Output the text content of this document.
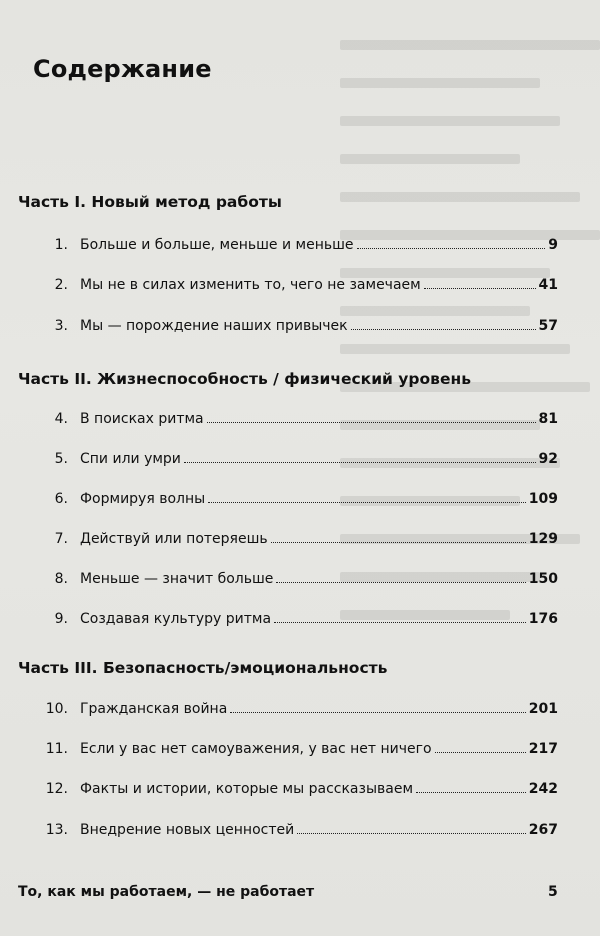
Содержание
Часть I. Новый метод работы
1. Больше и больше, меньше и меньше	9
2. Мы не в силах изменить то, чего не замечаем	41
3. Мы — порождение наших привычек	57
Часть II. Жизнеспособность / физический уровень
4. В поисках ритма	81
5. Спи или умри	92
6. Формируя волны	109
7. Действуй или потеряешь	129
8. Меньше — значит больше	150
9. Создавая культуру ритма	176
Часть III. Безопасность/эмоциональность
10. Гражданская война	201
11. Если у вас нет самоуважения, у вас нет ничего	217
12. Факты и истории, которые мы рассказываем	242
13. Внедрение новых ценностей	267
То, как мы работаем, — не работает	5
